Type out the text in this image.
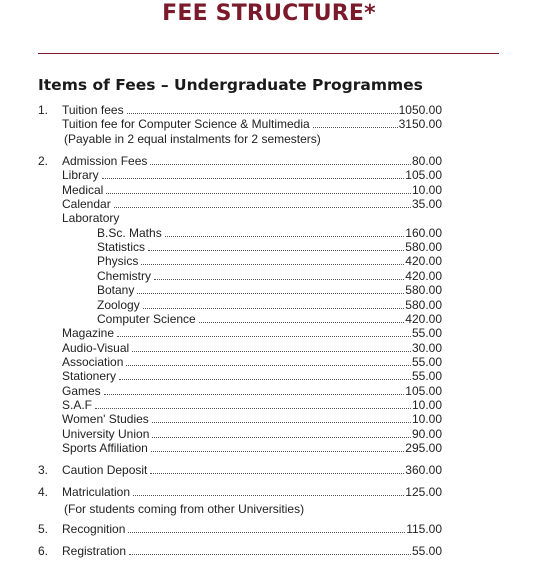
FEE STRUCTURE*
Items of Fees – Undergraduate Programmes
1. Tuition fees	1050.00
Tuition fee for Computer Science & Multimedia	3150.00
(Payable in 2 equal instalments for 2 semesters)
2. Admission Fees	80.00
Library	105.00
Medical	10.00
Calendar	35.00
Laboratory
B.Sc. Maths	160.00
Statistics	580.00
Physics	420.00
Chemistry	420.00
Botany	580.00
Zoology	580.00
Computer Science	420.00
Magazine	55.00
Audio-Visual	30.00
Association	55.00
Stationery	55.00
Games	105.00
S.A.F	10.00
Women' Studies	10.00
University Union	90.00
Sports Affiliation	295.00
3. Caution Deposit	360.00
4. Matriculation	125.00
(For students coming from other Universities)
5. Recognition	115.00
6. Registration	55.00
